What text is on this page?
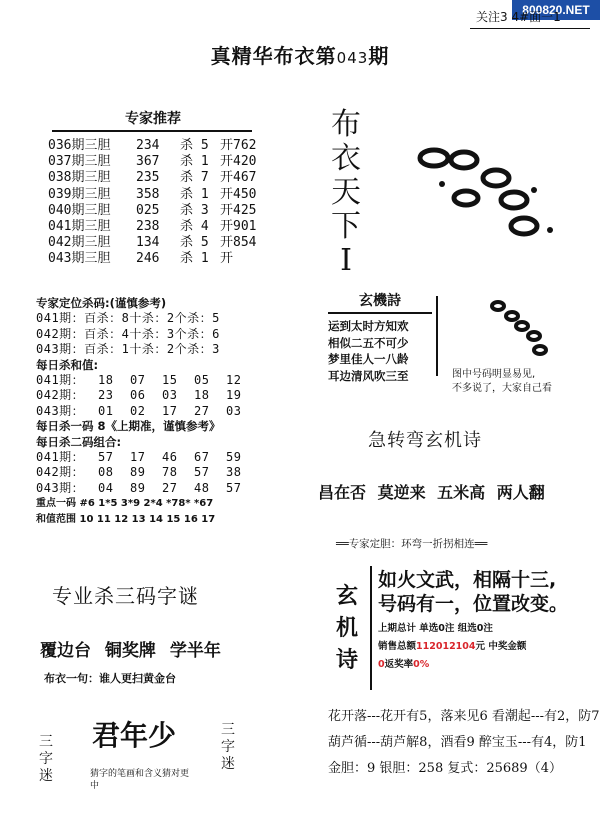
800820.NET
关注3 4#面一1
真精华布衣第043期
专家推荐
036期三胆 234 杀 5 开762
037期三胆 367 杀 1 开420
038期三胆 235 杀 7 开467
039期三胆 358 杀 1 开450
040期三胆 025 杀 3 开425
041期三胆 238 杀 4 开901
042期三胆 134 杀 5 开854
043期三胆 246 杀 1 开
专家定位杀码:(谨慎参考)
041期：百杀：8十杀：2个杀：5
042期：百杀：4十杀：3个杀：6
043期：百杀：1十杀：2个杀：3
每日杀和值:
041期： 18 07 15 05 12
042期： 23 06 03 18 19
043期： 01 02 17 27 03
每日杀一码 8《上期准，谨慎参考》
每日杀二码组合:
041期： 57 17 46 67 59
042期： 08 89 78 57 38
043期： 04 89 27 48 57
重点一码 #6 1*5 3*9 2*4 *78* *67
和值范围 10 11 12 13 14 15 16 17
专业杀三码字谜
覆边台 铜奖牌 学半年
布衣一句：谁人更扫黄金台
三字迷
君年少	三字迷
猜字的笔画和含义猜对更中
布衣天下Ⅰ
玄機詩
运到太时方知欢
相似二五不可少
梦里佳人一八龄
耳边清风吹三至	图中号码明显易见,
不多说了，大家自己看
急转弯玄机诗
昌在否 莫逆来 五米高 两人翻
══专家定胆：环弯一折拐相连══
玄机诗
如火文武，相隔十三,
号码有一，位置改变。
上期总计 单选0注 组选0注
销售总额112012104元 中奖金额
0返奖率0%
花开落---花开有5，落来见6 看潮起---有2，防7
葫芦循---葫芦解8，酒看9 醉宝玉---有4，防1
金胆：9 银胆：258 复式：25689（4）
